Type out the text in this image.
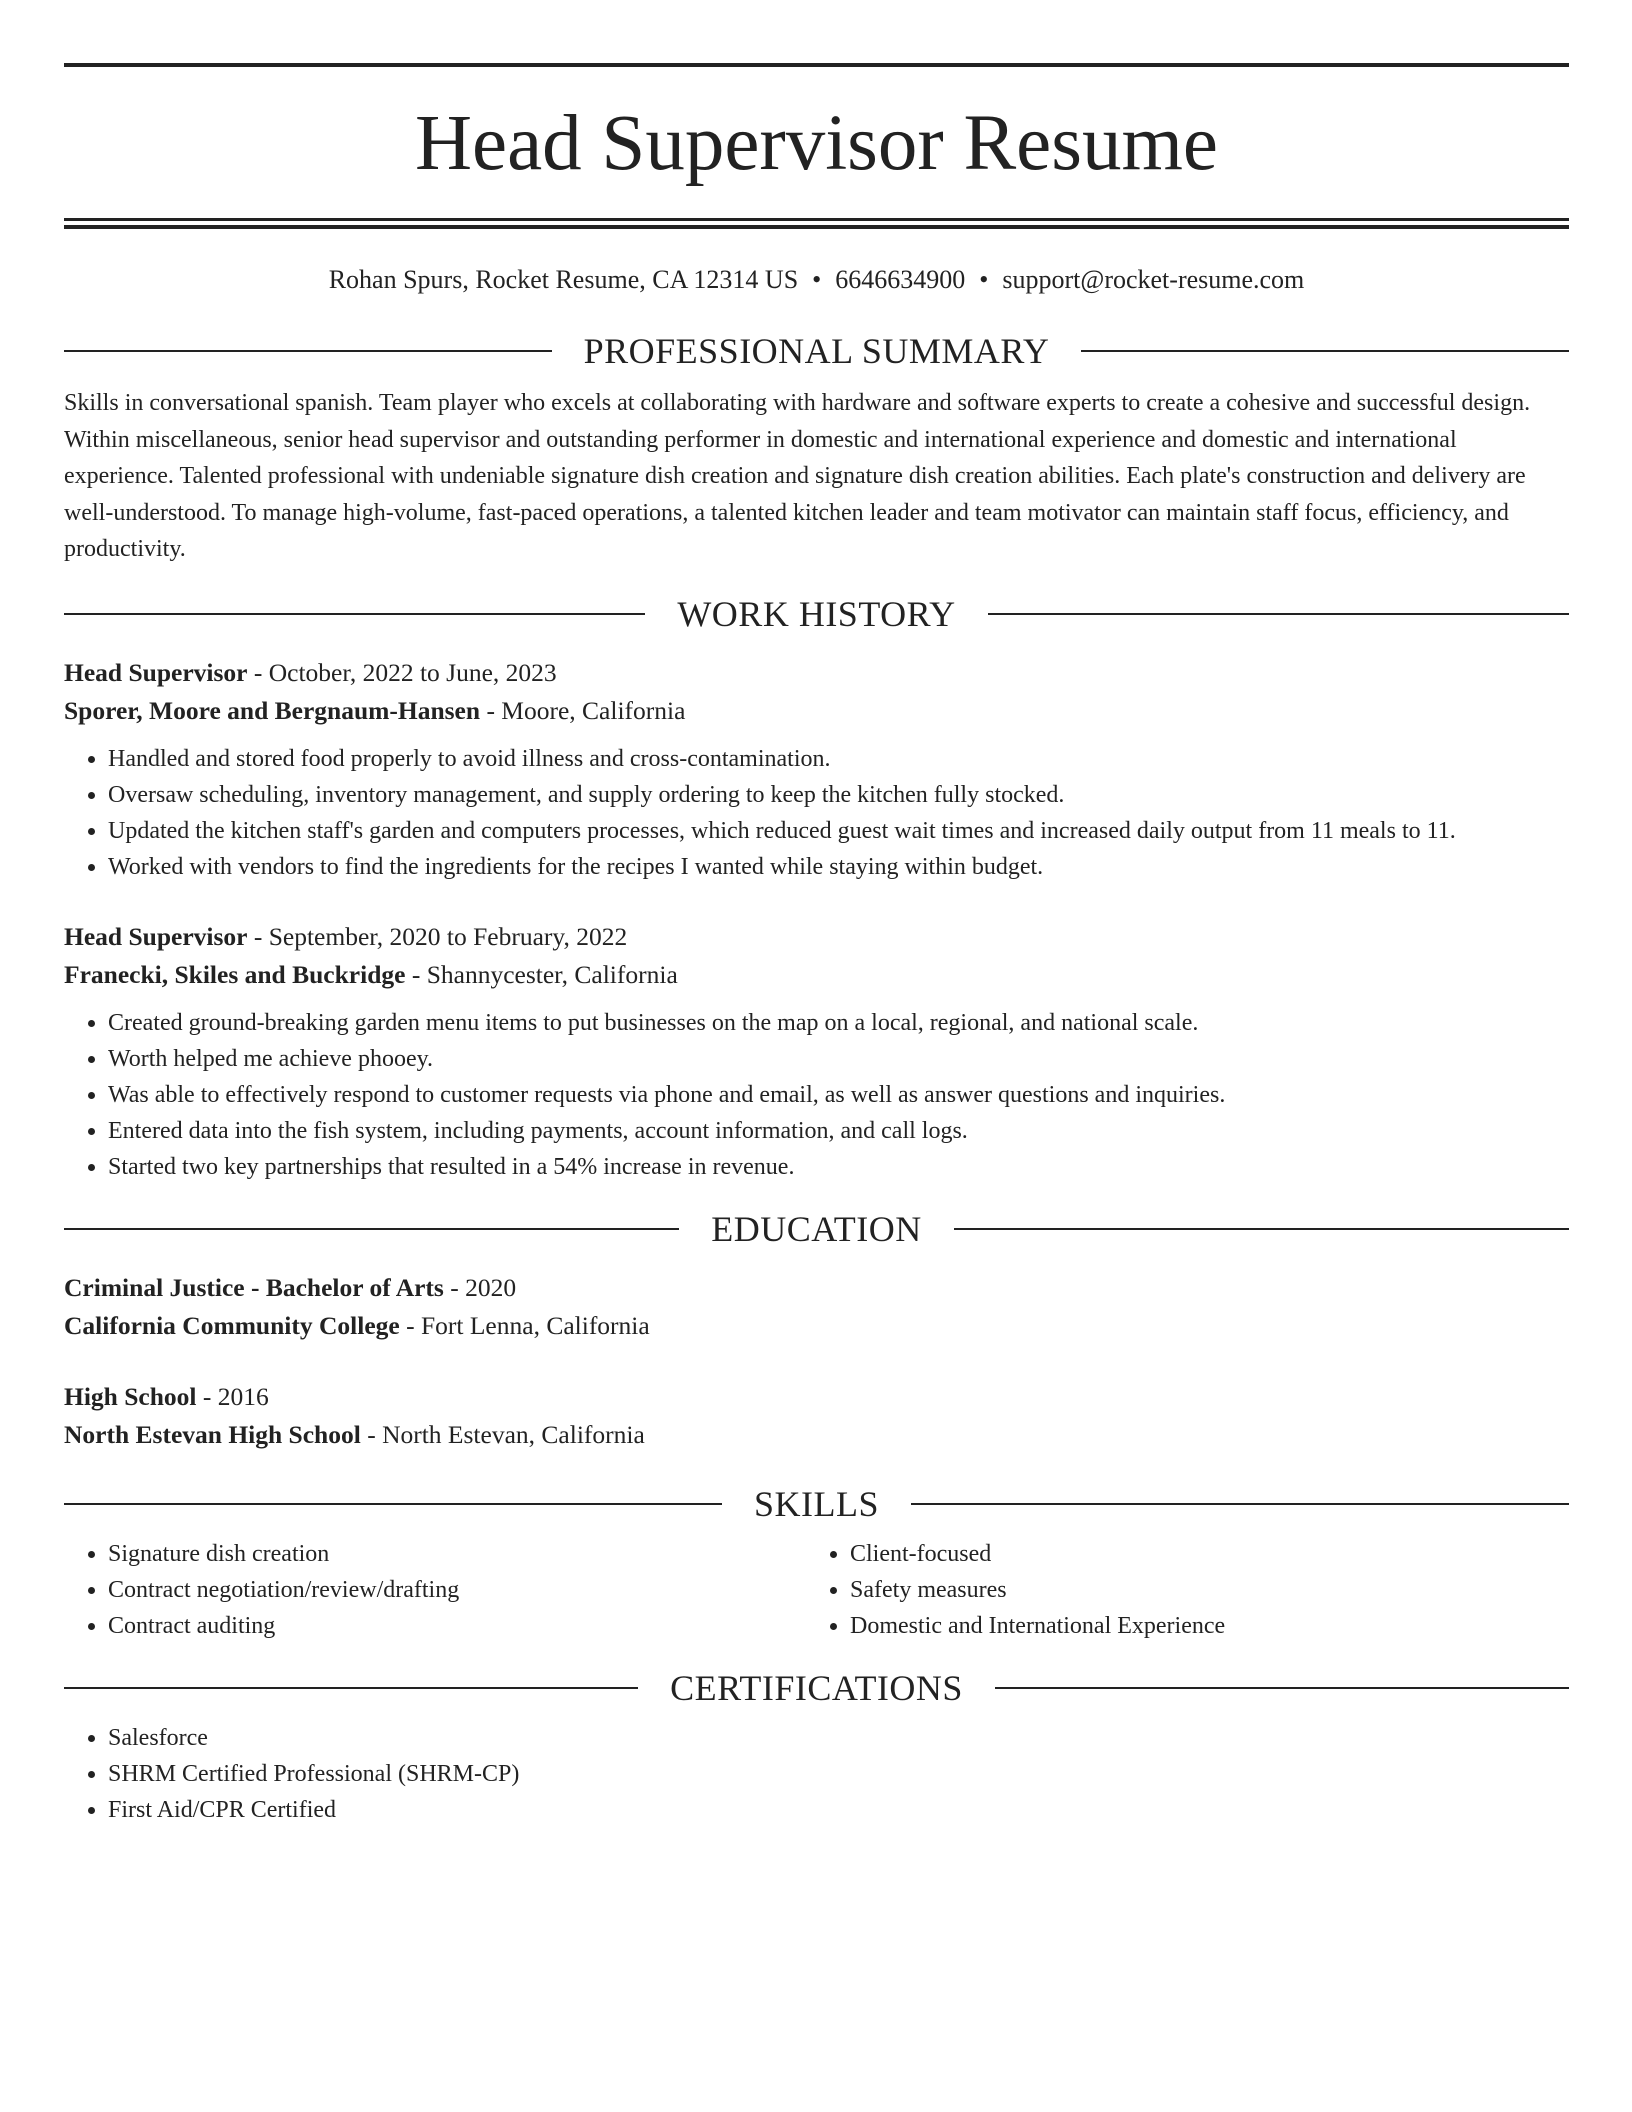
Head Supervisor Resume
Rohan Spurs, Rocket Resume, CA 12314 US • 6646634900 • support@rocket-resume.com
PROFESSIONAL SUMMARY
Skills in conversational spanish. Team player who excels at collaborating with hardware and software experts to create a cohesive and successful design. Within miscellaneous, senior head supervisor and outstanding performer in domestic and international experience and domestic and international experience. Talented professional with undeniable signature dish creation and signature dish creation abilities. Each plate's construction and delivery are well-understood. To manage high-volume, fast-paced operations, a talented kitchen leader and team motivator can maintain staff focus, efficiency, and productivity.
WORK HISTORY
Head Supervisor - October, 2022 to June, 2023
Sporer, Moore and Bergnaum-Hansen - Moore, California
• Handled and stored food properly to avoid illness and cross-contamination.
• Oversaw scheduling, inventory management, and supply ordering to keep the kitchen fully stocked.
• Updated the kitchen staff's garden and computers processes, which reduced guest wait times and increased daily output from 11 meals to 11.
• Worked with vendors to find the ingredients for the recipes I wanted while staying within budget.
Head Supervisor - September, 2020 to February, 2022
Franecki, Skiles and Buckridge - Shannycester, California
• Created ground-breaking garden menu items to put businesses on the map on a local, regional, and national scale.
• Worth helped me achieve phooey.
• Was able to effectively respond to customer requests via phone and email, as well as answer questions and inquiries.
• Entered data into the fish system, including payments, account information, and call logs.
• Started two key partnerships that resulted in a 54% increase in revenue.
EDUCATION
Criminal Justice - Bachelor of Arts - 2020
California Community College - Fort Lenna, California
High School - 2016
North Estevan High School - North Estevan, California
SKILLS
• Signature dish creation
• Contract negotiation/review/drafting
• Contract auditing
• Client-focused
• Safety measures
• Domestic and International Experience
CERTIFICATIONS
• Salesforce
• SHRM Certified Professional (SHRM-CP)
• First Aid/CPR Certified
